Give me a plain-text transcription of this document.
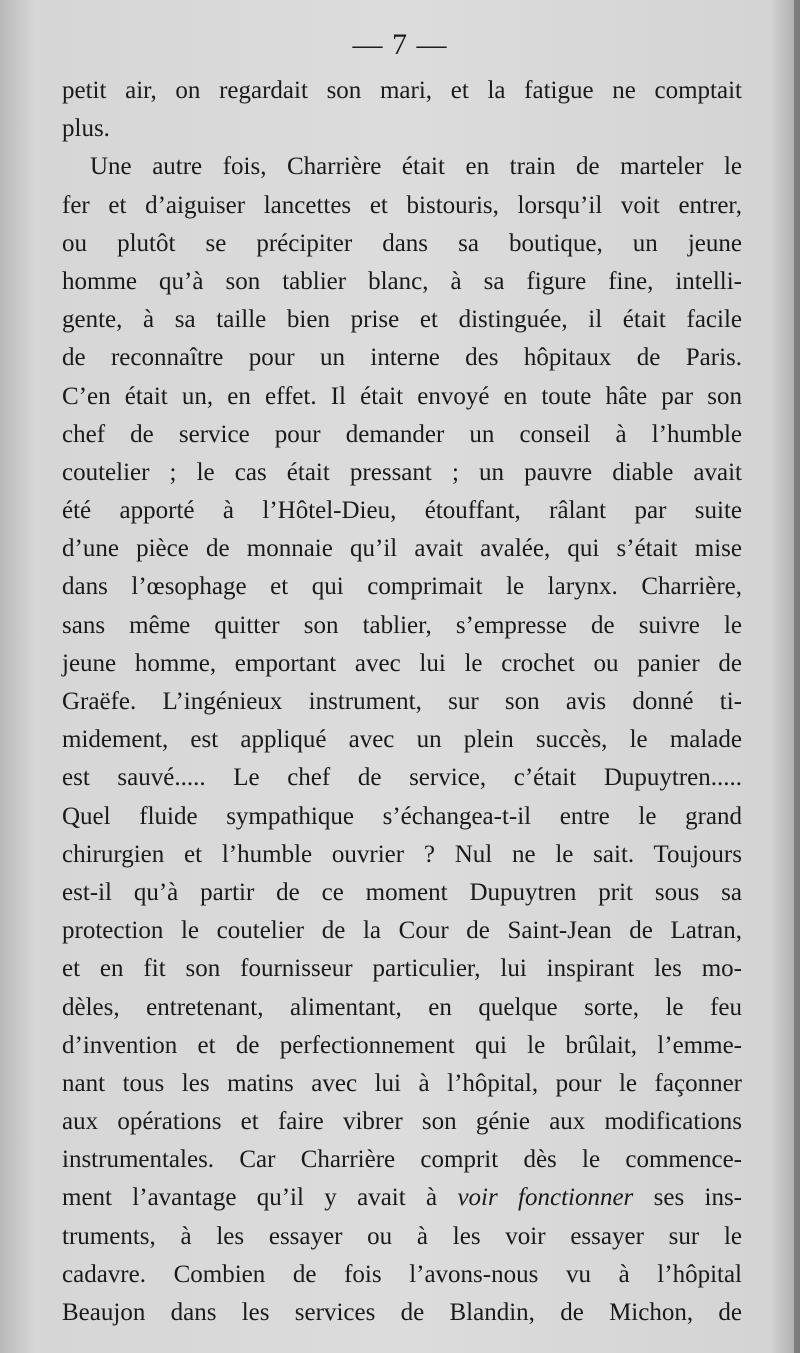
— 7 —
petit air, on regardait son mari, et la fatigue ne comptait
plus.
Une autre fois, Charrière était en train de marteler le
fer et d’aiguiser lancettes et bistouris, lorsqu’il voit entrer,
ou plutôt se précipiter dans sa boutique, un jeune
homme qu’à son tablier blanc, à sa figure fine, intelli-
gente, à sa taille bien prise et distinguée, il était facile
de reconnaître pour un interne des hôpitaux de Paris.
C’en était un, en effet. Il était envoyé en toute hâte par son
chef de service pour demander un conseil à l’humble
coutelier ; le cas était pressant ; un pauvre diable avait
été apporté à l’Hôtel-Dieu, étouffant, râlant par suite
d’une pièce de monnaie qu’il avait avalée, qui s’était mise
dans l’œsophage et qui comprimait le larynx. Charrière,
sans même quitter son tablier, s’empresse de suivre le
jeune homme, emportant avec lui le crochet ou panier de
Graëfe. L’ingénieux instrument, sur son avis donné ti-
midement, est appliqué avec un plein succès, le malade
est sauvé..... Le chef de service, c’était Dupuytren.....
Quel fluide sympathique s’échangea-t-il entre le grand
chirurgien et l’humble ouvrier ? Nul ne le sait. Toujours
est-il qu’à partir de ce moment Dupuytren prit sous sa
protection le coutelier de la Cour de Saint-Jean de Latran,
et en fit son fournisseur particulier, lui inspirant les mo-
dèles, entretenant, alimentant, en quelque sorte, le feu
d’invention et de perfectionnement qui le brûlait, l’emme-
nant tous les matins avec lui à l’hôpital, pour le façonner
aux opérations et faire vibrer son génie aux modifications
instrumentales. Car Charrière comprit dès le commence-
ment l’avantage qu’il y avait à voir fonctionner ses ins-
truments, à les essayer ou à les voir essayer sur le
cadavre. Combien de fois l’avons-nous vu à l’hôpital
Beaujon dans les services de Blandin, de Michon, de
